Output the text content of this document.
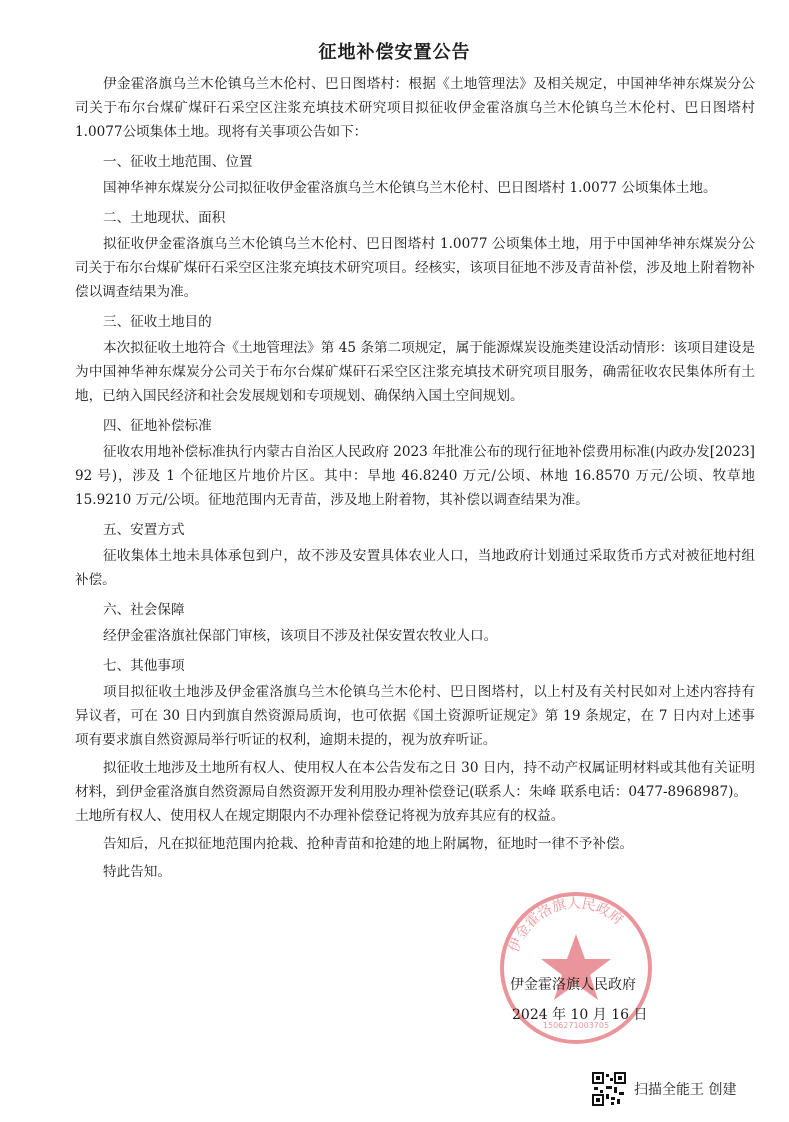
征地补偿安置公告

伊金霍洛旗乌兰木伦镇乌兰木伦村、巴日图塔村：根据《土地管理法》及相关规定，中国神华神东煤炭分公司关于布尔台煤矿煤矸石采空区注浆充填技术研究项目拟征收伊金霍洛旗乌兰木伦镇乌兰木伦村、巴日图塔村1.0077公顷集体土地。现将有关事项公告如下：

一、征收土地范围、位置

国神华神东煤炭分公司拟征收伊金霍洛旗乌兰木伦镇乌兰木伦村、巴日图塔村 1.0077 公顷集体土地。

二、土地现状、面积

拟征收伊金霍洛旗乌兰木伦镇乌兰木伦村、巴日图塔村 1.0077 公顷集体土地，用于中国神华神东煤炭分公司关于布尔台煤矿煤矸石采空区注浆充填技术研究项目。经核实，该项目征地不涉及青苗补偿，涉及地上附着物补偿以调查结果为准。

三、征收土地目的

本次拟征收土地符合《土地管理法》第 45 条第二项规定，属于能源煤炭设施类建设活动情形：该项目建设是为中国神华神东煤炭分公司关于布尔台煤矿煤矸石采空区注浆充填技术研究项目服务，确需征收农民集体所有土地，已纳入国民经济和社会发展规划和专项规划、确保纳入国土空间规划。

四、征地补偿标准

征收农用地补偿标准执行内蒙古自治区人民政府 2023 年批准公布的现行征地补偿费用标准(内政办发[2023] 92 号)，涉及 1 个征地区片地价片区。其中：旱地 46.8240 万元/公顷、林地 16.8570 万元/公顷、牧草地 15.9210 万元/公顷。征地范围内无青苗，涉及地上附着物，其补偿以调查结果为准。

五、安置方式

征收集体土地未具体承包到户，故不涉及安置具体农业人口，当地政府计划通过采取货币方式对被征地村组补偿。

六、社会保障

经伊金霍洛旗社保部门审核，该项目不涉及社保安置农牧业人口。

七、其他事项

项目拟征收土地涉及伊金霍洛旗乌兰木伦镇乌兰木伦村、巴日图塔村，以上村及有关村民如对上述内容持有异议者，可在 30 日内到旗自然资源局质询，也可依据《国土资源听证规定》第 19 条规定，在 7 日内对上述事项有要求旗自然资源局举行听证的权利，逾期未提的，视为放弃听证。

拟征收土地涉及土地所有权人、使用权人在本公告发布之日 30 日内，持不动产权属证明材料或其他有关证明材料，到伊金霍洛旗自然资源局自然资源开发利用股办理补偿登记(联系人：朱峰 联系电话：0477-8968987)。

土地所有权人、使用权人在规定期限内不办理补偿登记将视为放弃其应有的权益。

告知后，凡在拟征地范围内抢栽、抢种青苗和抢建的地上附属物，征地时一律不予补偿。

特此告知。

伊金霍洛旗人民政府
1506271003705
伊金霍洛旗人民政府
2024 年 10 月 16 日
扫描全能王 创建
